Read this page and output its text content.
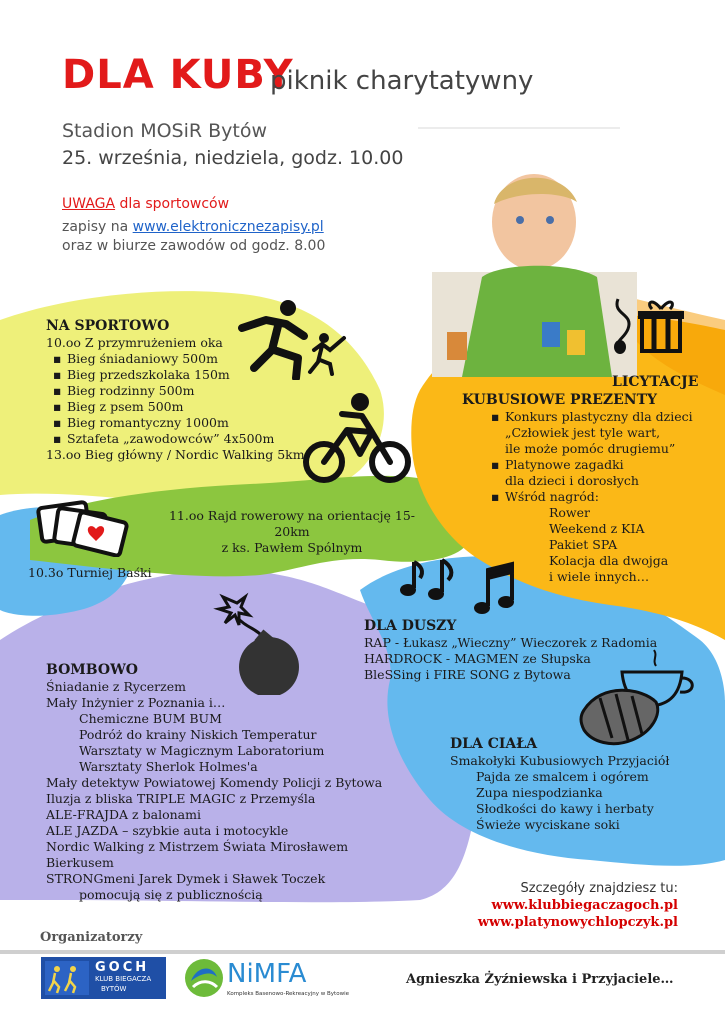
DLA KUBY
piknik charytatywny
Stadion MOSiR Bytów
25. września, niedziela, godz. 10.00
UWAGA dla sportowców
zapisy na www.elektronicznezapisy.pl
oraz w biurze zawodów od godz. 8.00
NA SPORTOWO
10.oo Z przymrużeniem oka
▪ Bieg śniadaniowy 500m
▪ Bieg przedszkolaka 150m
▪ Bieg rodzinny 500m
▪ Bieg z psem 500m
▪ Bieg romantyczny 1000m
▪ Sztafeta „zawodowców” 4x500m
13.oo Bieg główny / Nordic Walking 5km
11.oo Rajd rowerowy na orientację 15-20km
z ks. Pawłem Spólnym
10.3o Turniej Baśki
LICYTACJE
KUBUSIOWE PREZENTY
▪ Konkurs plastyczny dla dzieci
„Człowiek jest tyle wart,
ile może pomóc drugiemu”
▪ Platynowe zagadki
dla dzieci i dorosłych
▪ Wśród nagród:
Rower
Weekend z KIA
Pakiet SPA
Kolacja dla dwojga
i wiele innych…
DLA DUSZY
RAP - Łukasz „Wieczny” Wieczorek z Radomia
HARDROCK - MAGMEN ze Słupska
BleSSing i FIRE SONG z Bytowa
BOMBOWO
Śniadanie z Rycerzem
Mały Inżynier z Poznania i…
Chemiczne BUM BUM
Podróż do krainy Niskich Temperatur
Warsztaty w Magicznym Laboratorium
Warsztaty Sherlok Holmes'a
Mały detektyw Powiatowej Komendy Policji z Bytowa
Iluzja z bliska TRIPLE MAGIC z Przemyśla
ALE-FRAJDA z balonami
ALE JAZDA – szybkie auta i motocykle
Nordic Walking z Mistrzem Świata Mirosławem Bierkusem
STRONGmeni Jarek Dymek i Sławek Toczek
pomocują się z publicznością
DLA CIAŁA
Smakołyki Kubusiowych Przyjaciół
Pajda ze smalcem i ogórem
Zupa niespodzianka
Słodkości do kawy i herbaty
Świeże wyciskane soki
Szczegóły znajdziesz tu:
www.klubbiegaczagoch.pl
www.platynowychlopczyk.pl
Organizatorzy
GOCH
KLUB BIEGACZA
BYTÓW	NiMFA
Kompleks Basenowo-Rekreacyjny w Bytowie
Agnieszka Żyźniewska i Przyjaciele…
